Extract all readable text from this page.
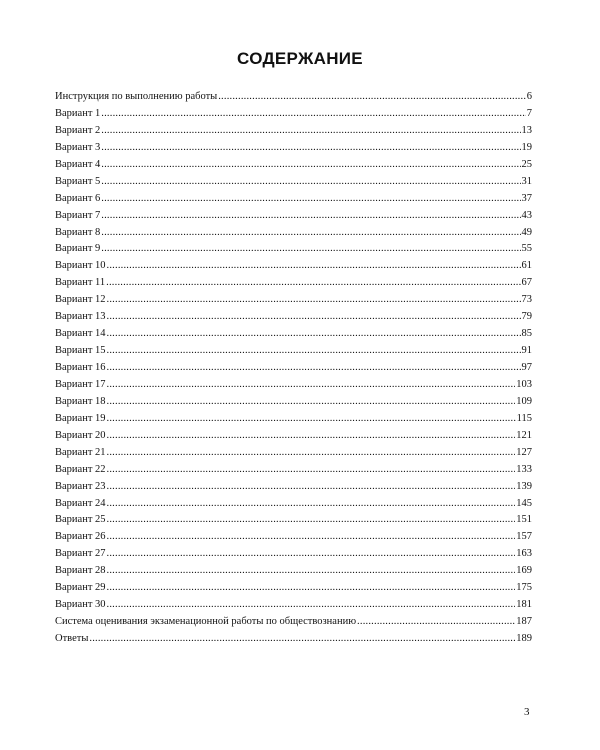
СОДЕРЖАНИЕ
Инструкция по выполнению работы .....	6
Вариант 1 .....	7
Вариант 2 .....	13
Вариант 3 .....	19
Вариант 4 .....	25
Вариант 5 .....	31
Вариант 6 .....	37
Вариант 7 .....	43
Вариант 8 .....	49
Вариант 9 .....	55
Вариант 10 .....	61
Вариант 11 .....	67
Вариант 12 .....	73
Вариант 13 .....	79
Вариант 14 .....	85
Вариант 15 .....	91
Вариант 16 .....	97
Вариант 17 .....	103
Вариант 18 .....	109
Вариант 19 .....	115
Вариант 20 .....	121
Вариант 21 .....	127
Вариант 22 .....	133
Вариант 23 .....	139
Вариант 24 .....	145
Вариант 25 .....	151
Вариант 26 .....	157
Вариант 27 .....	163
Вариант 28 .....	169
Вариант 29 .....	175
Вариант 30 .....	181
Система оценивания экзаменационной работы по обществознанию .....	187
Ответы .....	189
3
